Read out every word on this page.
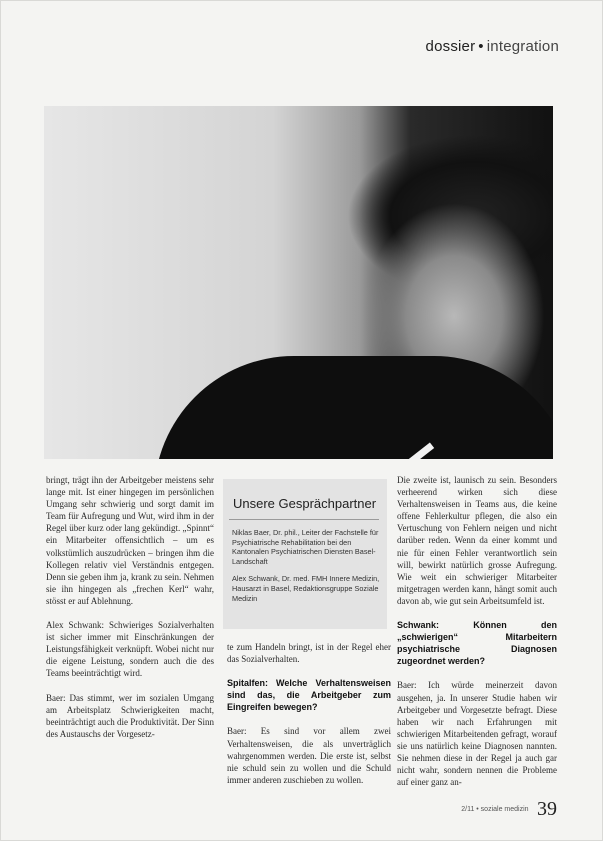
dossier • integration

bringt, trägt ihn der Arbeitgeber meistens sehr lange mit. Ist einer hingegen im persönlichen Umgang sehr schwierig und sorgt damit im Team für Aufregung und Wut, wird ihm in der Regel über kurz oder lang gekündigt. „Spinnt“ ein Mitarbeiter offensichtlich – um es volkstümlich auszudrücken – bringen ihm die Kollegen relativ viel Verständnis entgegen. Denn sie geben ihm ja, krank zu sein. Nehmen sie ihn hingegen als „frechen Kerl“ wahr, stösst er auf Ablehnung.

Alex Schwank: Schwieriges Sozialverhalten ist sicher immer mit Einschränkungen der Leistungsfähigkeit verknüpft. Wobei nicht nur die eigene Leistung, sondern auch die des Teams beeinträchtigt wird.

Baer: Das stimmt, wer im sozialen Umgang am Arbeitsplatz Schwierigkeiten macht, beeinträchtigt auch die Produktivität. Der Sinn des Austauschs der Vorgesetz-

Unsere Gesprächpartner

Niklas Baer, Dr. phil., Leiter der Fachstelle für Psychiatrische Rehabilitation bei den Kantonalen Psychiatrischen Diensten Basel-Landschaft

Alex Schwank, Dr. med. FMH Innere Medizin, Hausarzt in Basel, Redaktionsgruppe Soziale Medizin

te zum Handeln bringt, ist in der Regel eher das Sozialverhalten.

Spitalfen: Welche Verhaltensweisen sind das, die Arbeitgeber zum Eingreifen bewegen?

Baer: Es sind vor allem zwei Verhaltensweisen, die als unverträglich wahrgenommen werden. Die erste ist, selbst nie schuld sein zu wollen und die Schuld immer anderen zuschieben zu wollen.

Die zweite ist, launisch zu sein. Besonders verheerend wirken sich diese Verhaltensweisen in Teams aus, die keine offene Fehlerkultur pflegen, die also ein Vertuschung von Fehlern neigen und nicht darüber reden. Wenn da einer kommt und nie für einen Fehler verantwortlich sein will, bewirkt natürlich grosse Aufregung. Wie weit ein schwieriger Mitarbeiter mitgetragen werden kann, hängt somit auch davon ab, wie gut sein Arbeitsumfeld ist.

Schwank: Können den „schwierigen“ Mitarbeitern psychiatrische Diagnosen zugeordnet werden?

Baer: Ich würde meinerzeit davon ausgehen, ja. In unserer Studie haben wir Arbeitgeber und Vorgesetzte befragt. Diese haben wir nach Erfahrungen mit schwierigen Mitarbeitenden gefragt, worauf sie uns natürlich keine Diagnosen nannten. Sie nehmen diese in der Regel ja auch gar nicht wahr, sondern nennen die Probleme auf einer ganz an-

2/11 • soziale medizin 39
